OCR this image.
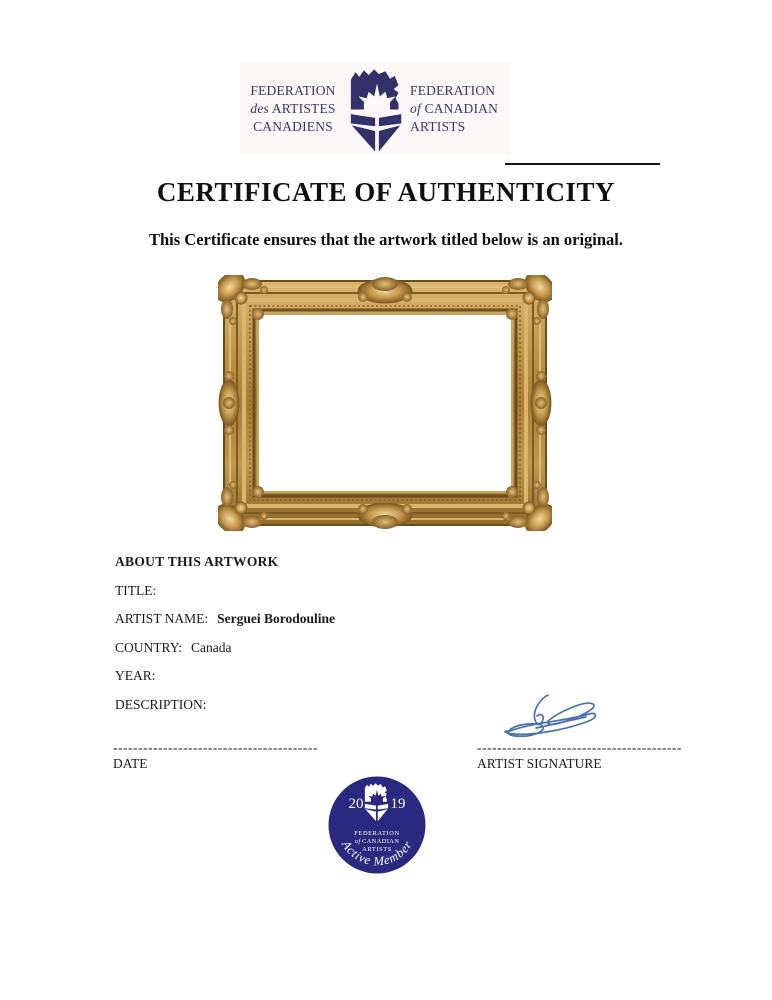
FEDERATION
des ARTISTES
CANADIENS
FEDERATION
of CANADIAN
ARTISTS
CERTIFICATE OF AUTHENTICITY
This Certificate ensures that the artwork titled below is an original.
ABOUT THIS ARTWORK
TITLE:
ARTIST NAME: Serguei Borodouline
COUNTRY: Canada
YEAR:
DESCRIPTION:
-----------------------------------------
DATE
-----------------------------------------
ARTIST SIGNATURE
20 19
FEDERATION
of CANADIAN
ARTISTS
Active Member
